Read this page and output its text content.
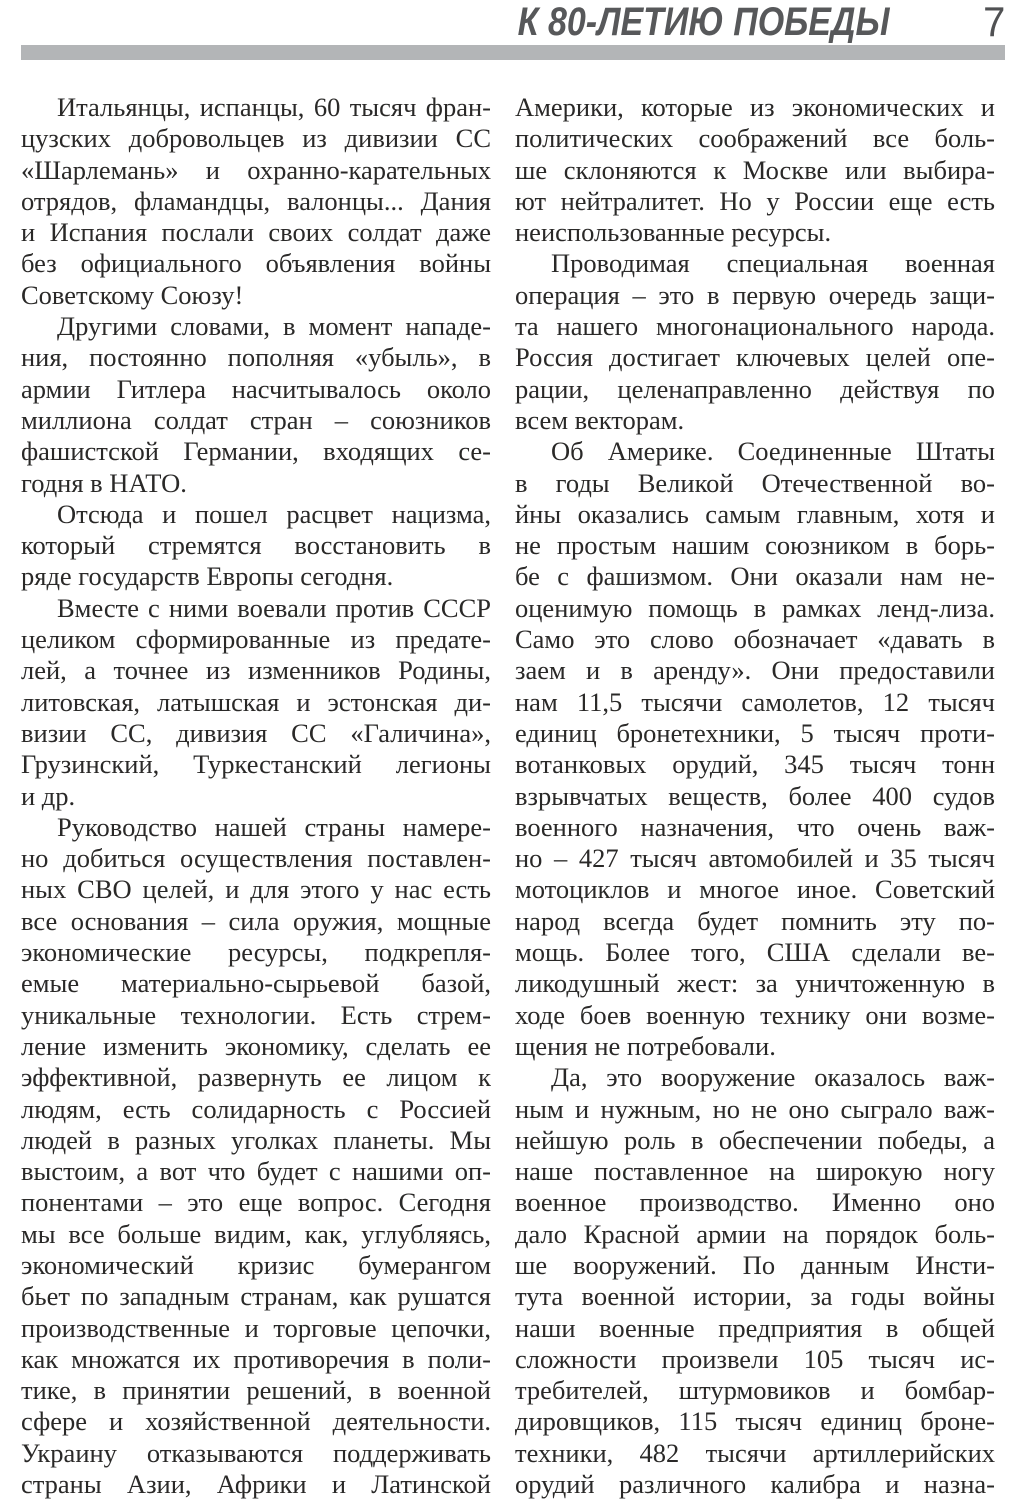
К 80-ЛЕТИЮ ПОБЕДЫ 7
Итальянцы, испанцы, 60 тысяч фран-
цузских добровольцев из дивизии СС
«Шарлемань» и охранно-карательных
отрядов, фламандцы, валонцы... Дания
и Испания послали своих солдат даже
без официального объявления войны
Советскому Союзу!
Другими словами, в момент нападе-
ния, постоянно пополняя «убыль», в
армии Гитлера насчитывалось около
миллиона солдат стран – союзников
фашистской Германии, входящих се-
годня в НАТО.
Отсюда и пошел расцвет нацизма,
который стремятся восстановить в
ряде государств Европы сегодня.
Вместе с ними воевали против СССР
целиком сформированные из предате-
лей, а точнее из изменников Родины,
литовская, латышская и эстонская ди-
визии СС, дивизия СС «Галичина»,
Грузинский, Туркестанский легионы
и др.
Руководство нашей страны намере-
но добиться осуществления поставлен-
ных СВО целей, и для этого у нас есть
все основания – сила оружия, мощные
экономические ресурсы, подкрепля-
емые материально-сырьевой базой,
уникальные технологии. Есть стрем-
ление изменить экономику, сделать ее
эффективной, развернуть ее лицом к
людям, есть солидарность с Россией
людей в разных уголках планеты. Мы
выстоим, а вот что будет с нашими оп-
понентами – это еще вопрос. Сегодня
мы все больше видим, как, углубляясь,
экономический кризис бумерангом
бьет по западным странам, как рушатся
производственные и торговые цепочки,
как множатся их противоречия в поли-
тике, в принятии решений, в военной
сфере и хозяйственной деятельности.
Украину отказываются поддерживать
страны Азии, Африки и Латинской
Америки, которые из экономических и
политических соображений все боль-
ше склоняются к Москве или выбира-
ют нейтралитет. Но у России еще есть
неиспользованные ресурсы.
Проводимая специальная военная
операция – это в первую очередь защи-
та нашего многонационального народа.
Россия достигает ключевых целей опе-
рации, целенаправленно действуя по
всем векторам.
Об Америке. Соединенные Штаты
в годы Великой Отечественной во-
йны оказались самым главным, хотя и
не простым нашим союзником в борь-
бе с фашизмом. Они оказали нам не-
оценимую помощь в рамках ленд-лиза.
Само это слово обозначает «давать в
заем и в аренду». Они предоставили
нам 11,5 тысячи самолетов, 12 тысяч
единиц бронетехники, 5 тысяч проти-
вотанковых орудий, 345 тысяч тонн
взрывчатых веществ, более 400 судов
военного назначения, что очень важ-
но – 427 тысяч автомобилей и 35 тысяч
мотоциклов и многое иное. Советский
народ всегда будет помнить эту по-
мощь. Более того, США сделали ве-
ликодушный жест: за уничтоженную в
ходе боев военную технику они возме-
щения не потребовали.
Да, это вооружение оказалось важ-
ным и нужным, но не оно сыграло важ-
нейшую роль в обеспечении победы, а
наше поставленное на широкую ногу
военное производство. Именно оно
дало Красной армии на порядок боль-
ше вооружений. По данным Инсти-
тута военной истории, за годы войны
наши военные предприятия в общей
сложности произвели 105 тысяч ис-
требителей, штурмовиков и бомбар-
дировщиков, 115 тысяч единиц броне-
техники, 482 тысячи артиллерийских
орудий различного калибра и назна-
